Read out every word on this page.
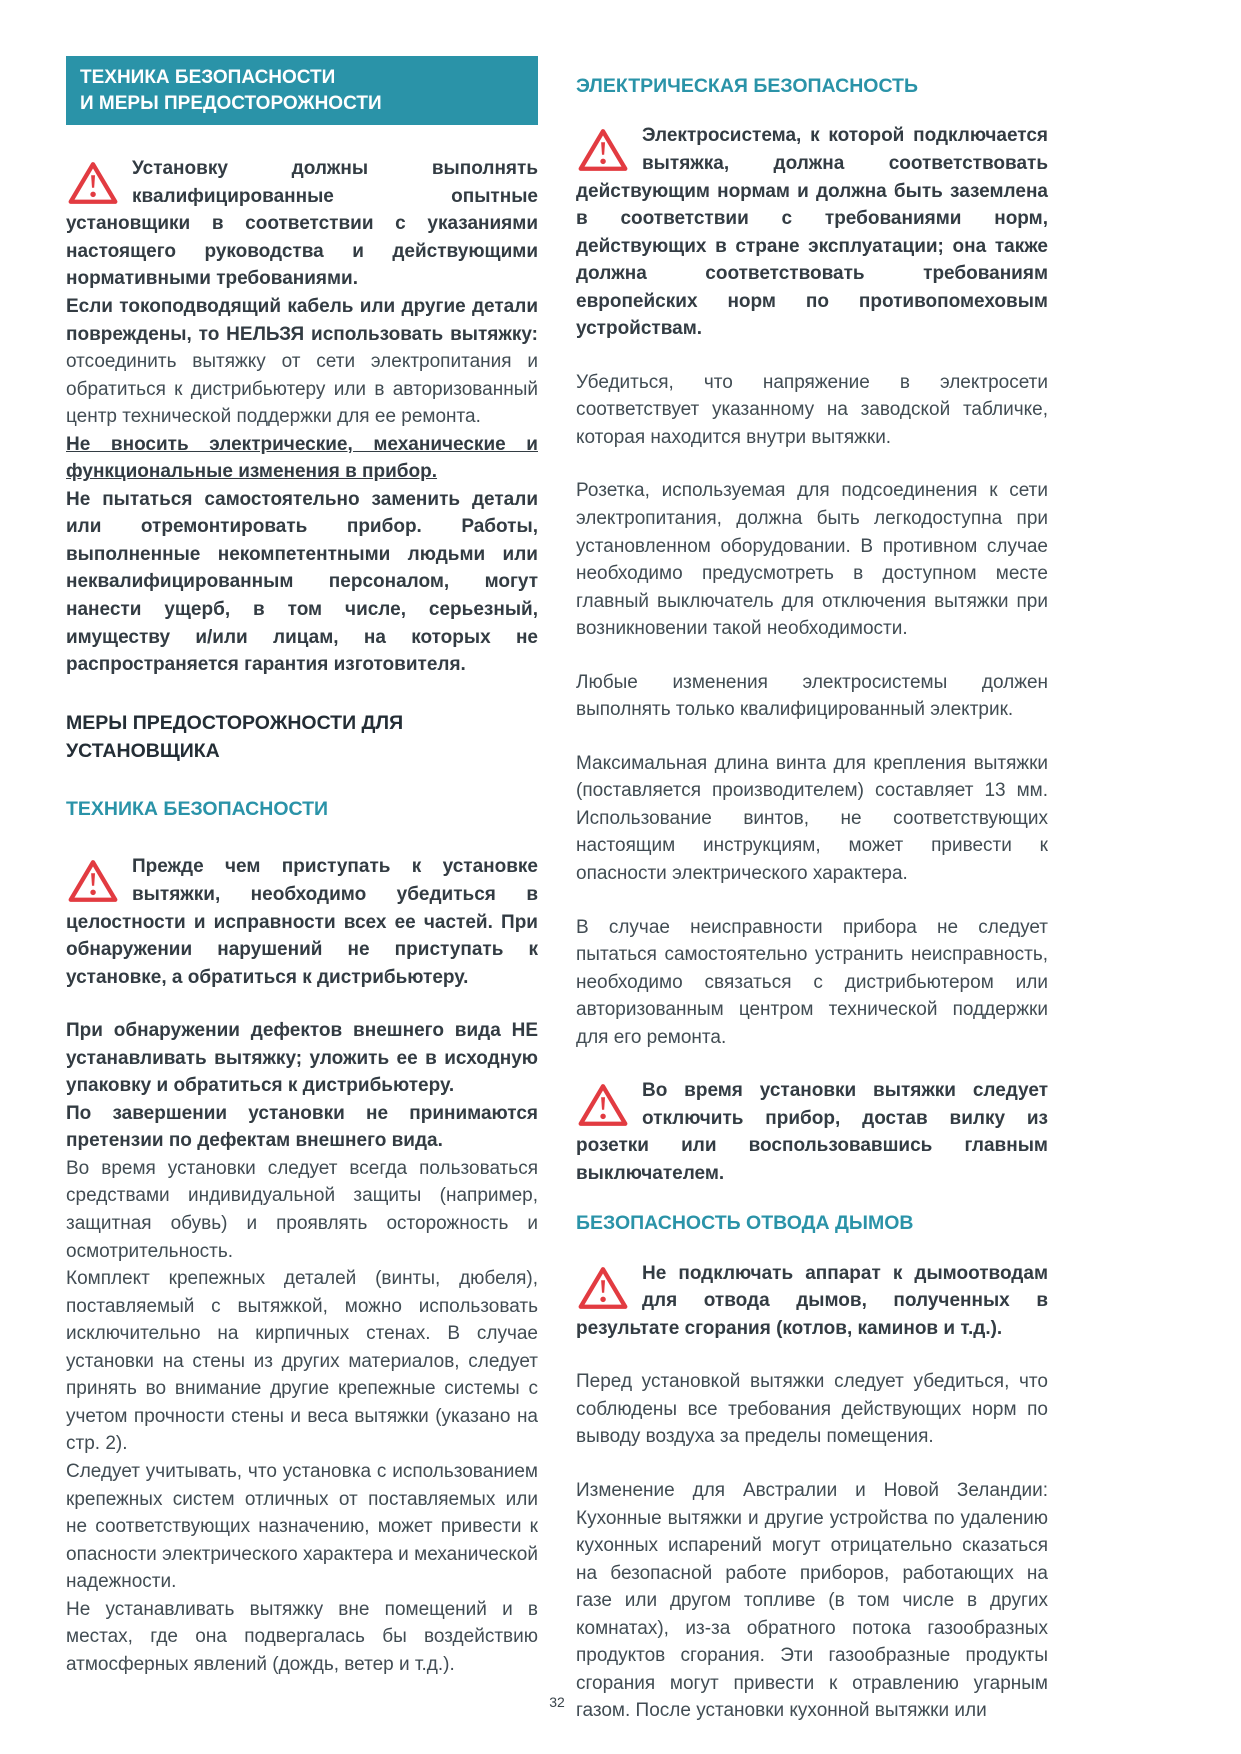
ТЕХНИКА БЕЗОПАСНОСТИ
И МЕРЫ ПРЕДОСТОРОЖНОСТИ

Установку должны выполнять квалифицированные опытные установщики в соответствии с указаниями настоящего руководства и действующими нормативными требованиями.

Если токоподводящий кабель или другие детали повреждены, то НЕЛЬЗЯ использовать вытяжку: отсоединить вытяжку от сети электропитания и обратиться к дистрибьютеру или в авторизованный центр технической поддержки для ее ремонта.

Не вносить электрические, механические и функциональные изменения в прибор.

Не пытаться самостоятельно заменить детали или отремонтировать прибор. Работы, выполненные некомпетентными людьми или неквалифицированным персоналом, могут нанести ущерб, в том числе, серьезный, имуществу и/или лицам, на которых не распространяется гарантия изготовителя.

МЕРЫ ПРЕДОСТОРОЖНОСТИ ДЛЯ УСТАНОВЩИКА
ТЕХНИКА БЕЗОПАСНОСТИ

Прежде чем приступать к установке вытяжки, необходимо убедиться в целостности и исправности всех ее частей. При обнаружении нарушений не приступать к установке, а обратиться к дистрибьютеру.

При обнаружении дефектов внешнего вида НЕ устанавливать вытяжку; уложить ее в исходную упаковку и обратиться к дистрибьютеру.

По завершении установки не принимаются претензии по дефектам внешнего вида.

Во время установки следует всегда пользоваться средствами индивидуальной защиты (например, защитная обувь) и проявлять осторожность и осмотрительность.

Комплект крепежных деталей (винты, дюбеля), поставляемый с вытяжкой, можно использовать исключительно на кирпичных стенах. В случае установки на стены из других материалов, следует принять во внимание другие крепежные системы с учетом прочности стены и веса вытяжки (указано на стр. 2).

Следует учитывать, что установка с использованием крепежных систем отличных от поставляемых или не соответствующих назначению, может привести к опасности электрического характера и механической надежности.

Не устанавливать вытяжку вне помещений и в местах, где она подвергалась бы воздействию атмосферных явлений (дождь, ветер и т.д.).

ЭЛЕКТРИЧЕСКАЯ БЕЗОПАСНОСТЬ

Электросистема, к которой подключается вытяжка, должна соответствовать действующим нормам и должна быть заземлена в соответствии с требованиями норм, действующих в стране эксплуатации; она также должна соответствовать требованиям европейских норм по противопомеховым устройствам.

Убедиться, что напряжение в электросети соответствует указанному на заводской табличке, которая находится внутри вытяжки.

Розетка, используемая для подсоединения к сети электропитания, должна быть легкодоступна при установленном оборудовании. В противном случае необходимо предусмотреть в доступном месте главный выключатель для отключения вытяжки при возникновении такой необходимости.

Любые изменения электросистемы должен выполнять только квалифицированный электрик.

Максимальная длина винта для крепления вытяжки (поставляется производителем) составляет 13 мм. Использование винтов, не соответствующих настоящим инструкциям, может привести к опасности электрического характера.

В случае неисправности прибора не следует пытаться самостоятельно устранить неисправность, необходимо связаться с дистрибьютером или авторизованным центром технической поддержки для его ремонта.

Во время установки вытяжки следует отключить прибор, достав вилку из розетки или воспользовавшись главным выключателем.

БЕЗОПАСНОСТЬ ОТВОДА ДЫМОВ

Не подключать аппарат к дымоотводам для отвода дымов, полученных в результате сгорания (котлов, каминов и т.д.).

Перед установкой вытяжки следует убедиться, что соблюдены все требования действующих норм по выводу воздуха за пределы помещения.

Изменение для Австралии и Новой Зеландии: Кухонные вытяжки и другие устройства по удалению кухонных испарений могут отрицательно сказаться на безопасной работе приборов, работающих на газе или другом топливе (в том числе в других комнатах), из-за обратного потока газообразных продуктов сгорания. Эти газообразные продукты сгорания могут привести к отравлению угарным газом. После установки кухонной вытяжки или

32
